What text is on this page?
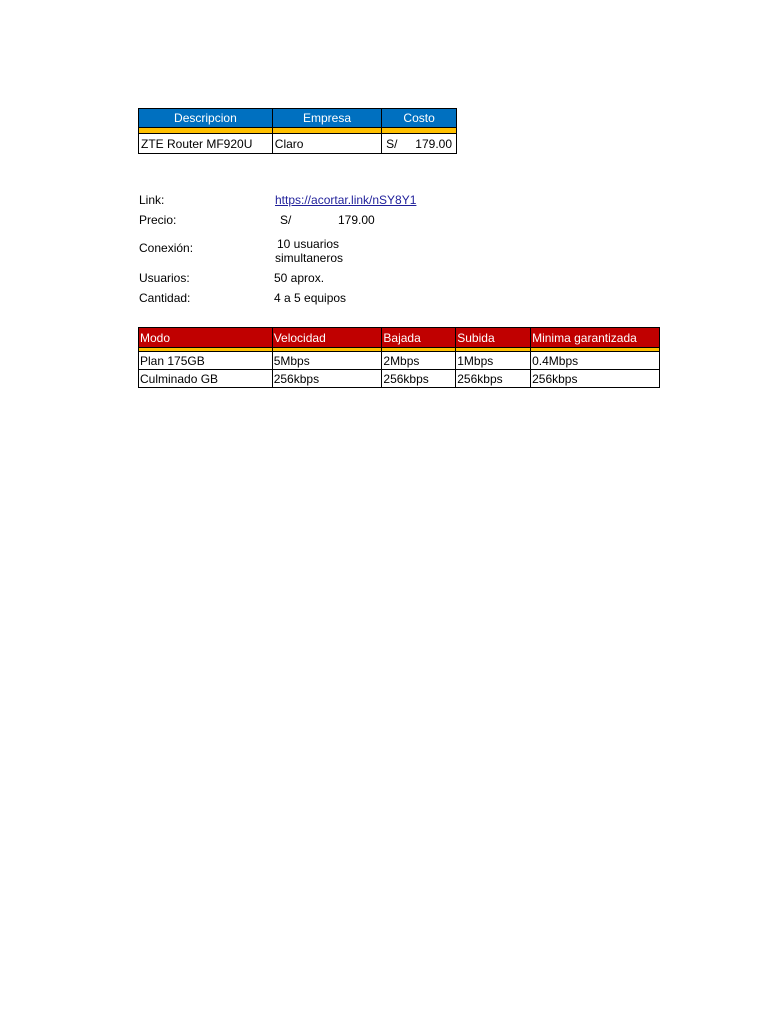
Descripcion	Empresa	Costo

ZTE Router MF920U	Claro	S/ 179.00
Link:	https://acortar.link/nSY8Y1
Precio:	S/	179.00
Conexión:	10 usuarios
simultaneros
Usuarios:	50 aprox.
Cantidad:	4 a 5 equipos
Modo	Velocidad	Bajada	Subida	Minima garantizada

Plan 175GB	5Mbps	2Mbps	1Mbps	0.4Mbps
Culminado GB	256kbps	256kbps	256kbps	256kbps
